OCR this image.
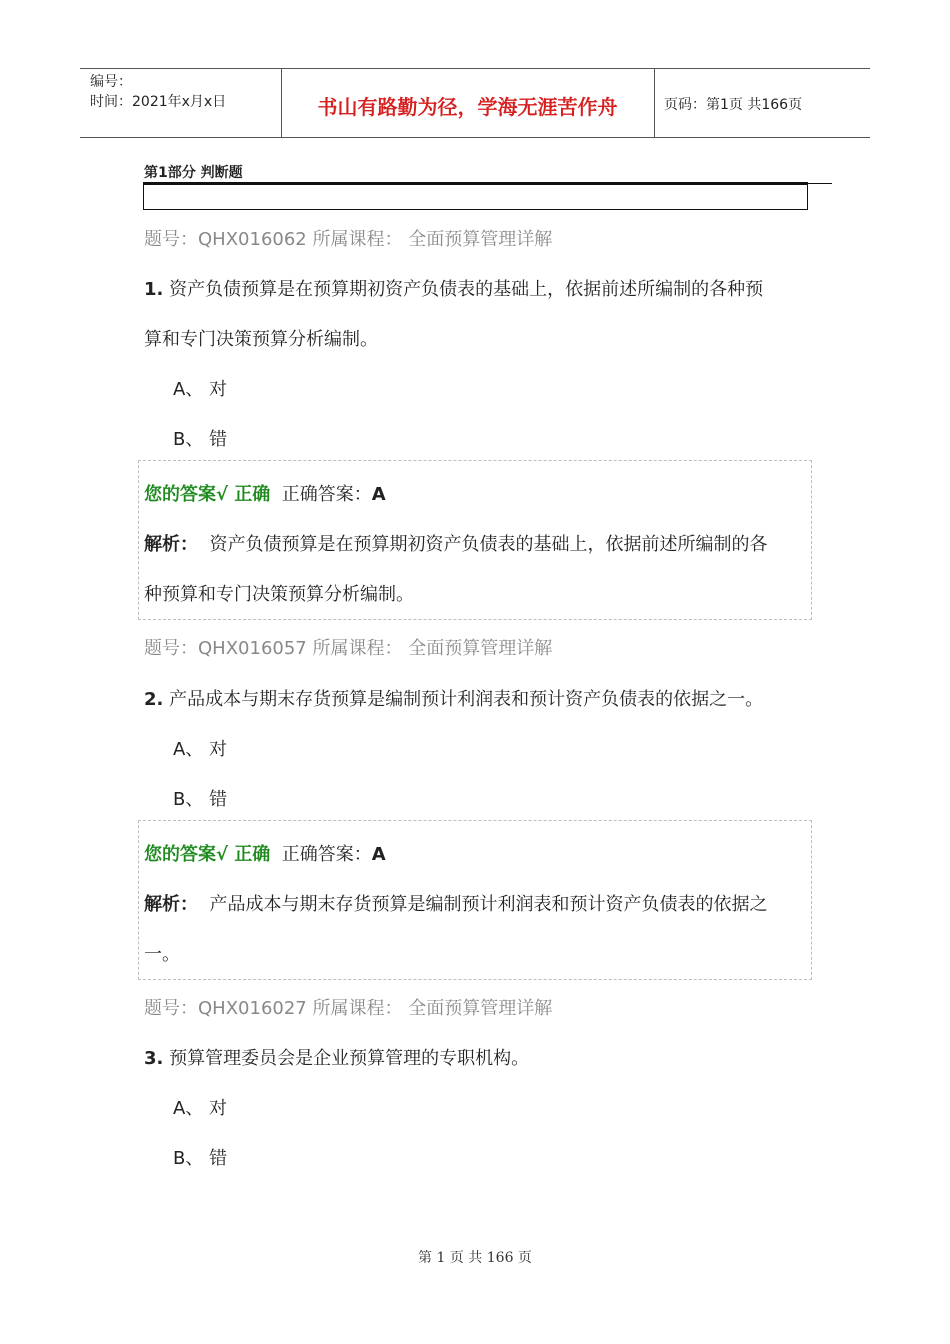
编号：
时间：2021年x月x日	书山有路勤为径，学海无涯苦作舟	页码：第1页 共166页
第1部分 判断题
题号：QHX016062 所属课程： 全面预算管理详解
1. 资产负债预算是在预算期初资产负债表的基础上，依据前述所编制的各种预
算和专门决策预算分析编制。
A、 对
B、 错
您的答案√ 正确 正确答案：A
解析： 资产负债预算是在预算期初资产负债表的基础上，依据前述所编制的各
种预算和专门决策预算分析编制。
题号：QHX016057 所属课程： 全面预算管理详解
2. 产品成本与期末存货预算是编制预计利润表和预计资产负债表的依据之一。
A、 对
B、 错
您的答案√ 正确 正确答案：A
解析： 产品成本与期末存货预算是编制预计利润表和预计资产负债表的依据之
一。
题号：QHX016027 所属课程： 全面预算管理详解
3. 预算管理委员会是企业预算管理的专职机构。
A、 对
B、 错
第 1 页 共 166 页
